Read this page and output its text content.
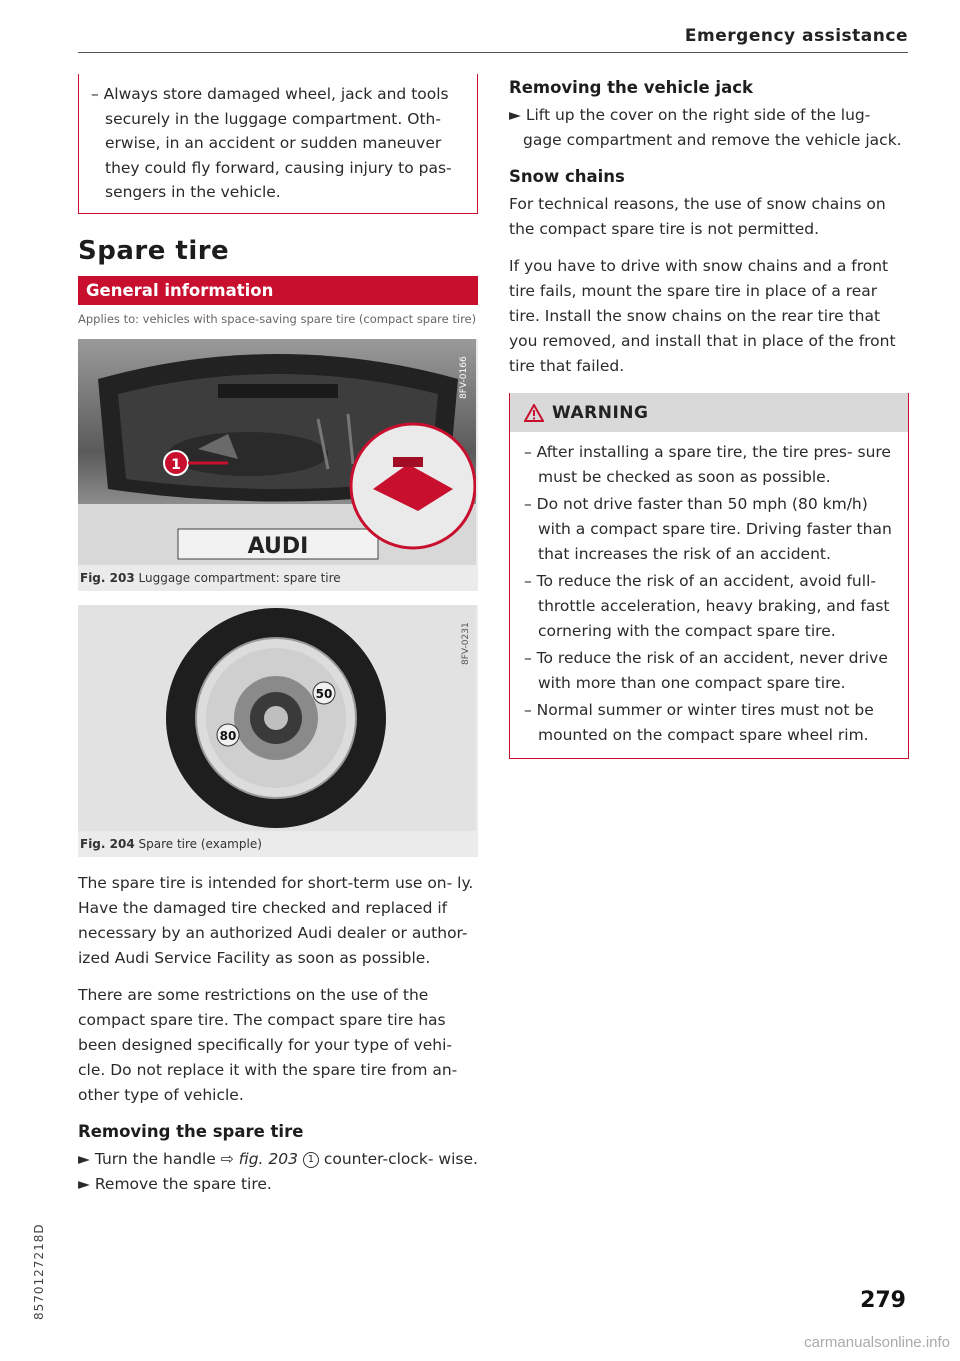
Emergency assistance

– Always store damaged wheel, jack and tools securely in the luggage compartment. Oth- erwise, in an accident or sudden maneuver they could fly forward, causing injury to pas- sengers in the vehicle.

Spare tire
General information
Applies to: vehicles with space-saving spare tire (compact spare tire)
AUDI
1
8FV-0166
Fig. 203 Luggage compartment: spare tire
50
80
8FV-0231
Fig. 204 Spare tire (example)

The spare tire is intended for short-term use on- ly. Have the damaged tire checked and replaced if necessary by an authorized Audi dealer or author- ized Audi Service Facility as soon as possible.

There are some restrictions on the use of the compact spare tire. The compact spare tire has been designed specifically for your type of vehi- cle. Do not replace it with the spare tire from an- other type of vehicle.

Removing the spare tire

► Turn the handle ⇨ fig. 203 1 counter-clock- wise.

► Remove the spare tire.

Removing the vehicle jack

► Lift up the cover on the right side of the lug- gage compartment and remove the vehicle jack.

Snow chains

For technical reasons, the use of snow chains on the compact spare tire is not permitted.

If you have to drive with snow chains and a front tire fails, mount the spare tire in place of a rear tire. Install the snow chains on the rear tire that you removed, and install that in place of the front tire that failed.

WARNING

– After installing a spare tire, the tire pres- sure must be checked as soon as possible.

– Do not drive faster than 50 mph (80 km/h) with a compact spare tire. Driving faster than that increases the risk of an accident.

– To reduce the risk of an accident, avoid full- throttle acceleration, heavy braking, and fast cornering with the compact spare tire.

– To reduce the risk of an accident, never drive with more than one compact spare tire.

– Normal summer or winter tires must not be mounted on the compact spare wheel rim.

8570127218D	279
carmanualsonline.info
